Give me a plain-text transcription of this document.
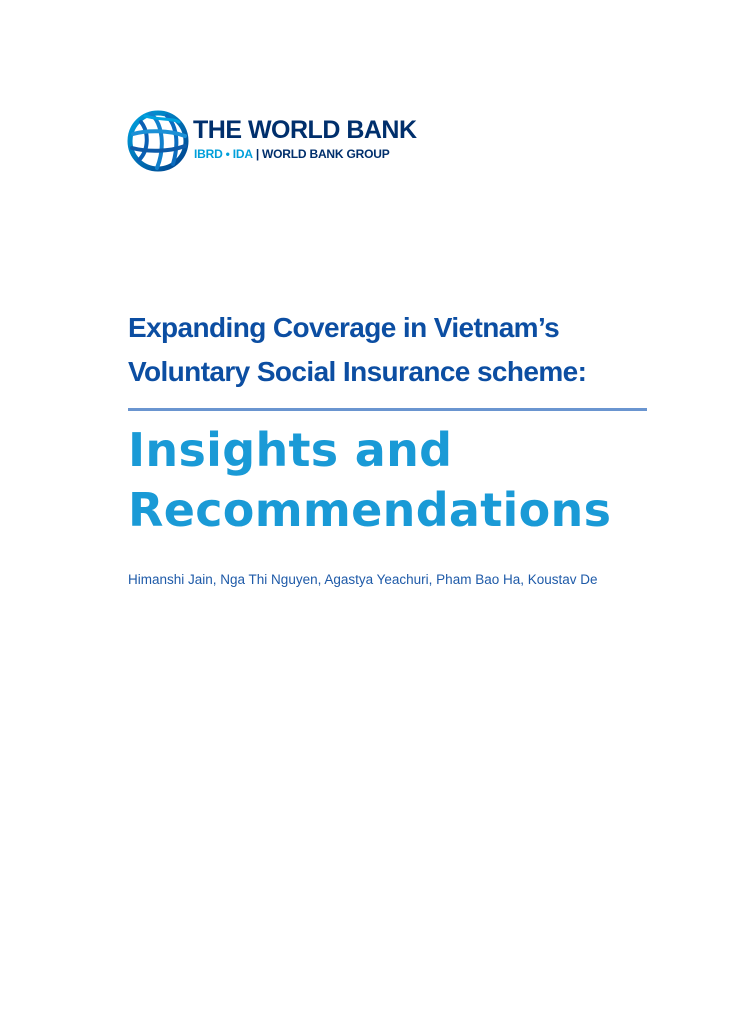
THE WORLD BANK
IBRD • IDA | WORLD BANK GROUP
Expanding Coverage in Vietnam’s
Voluntary Social Insurance scheme:
Insights and
Recommendations
Himanshi Jain, Nga Thi Nguyen, Agastya Yeachuri, Pham Bao Ha, Koustav De
